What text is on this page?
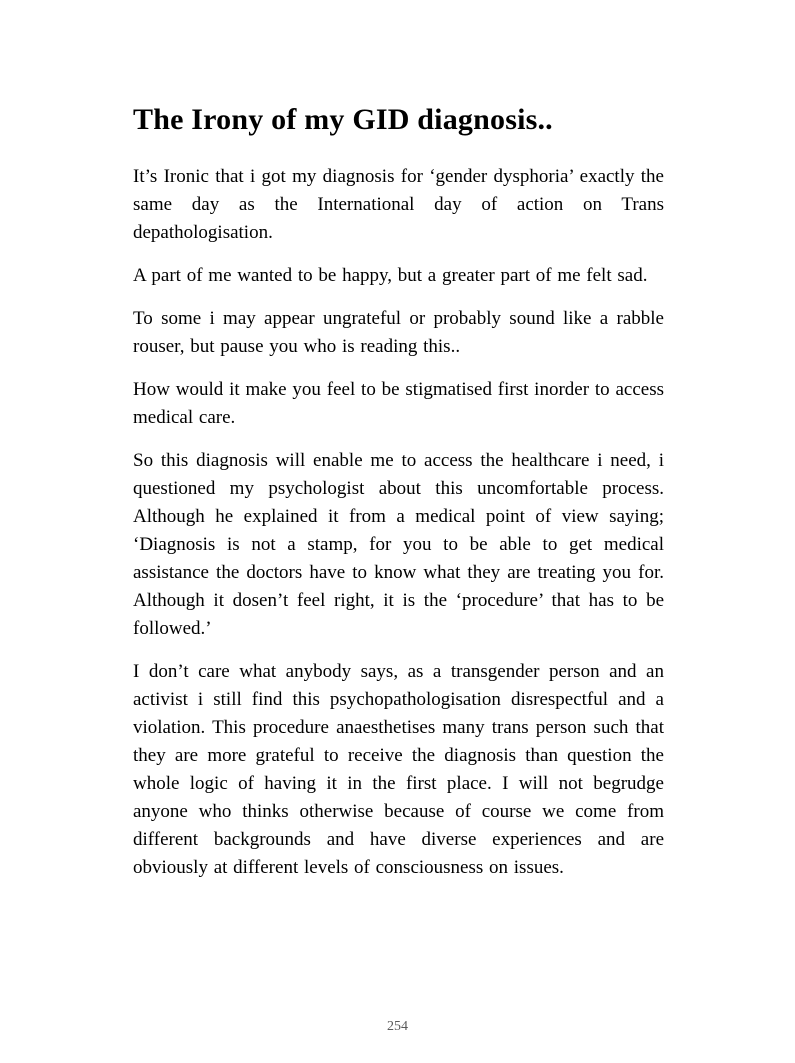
The Irony of my GID diagnosis..

It’s Ironic that i got my diagnosis for ‘gender dysphoria’ exactly the same day as the International day of action on Trans depathologisation.

A part of me wanted to be happy, but a greater part of me felt sad.

To some i may appear ungrateful or probably sound like a rabble rouser, but pause you who is reading this..

How would it make you feel to be stigmatised first inorder to access medical care.

So this diagnosis will enable me to access the healthcare i need, i questioned my psychologist about this uncomfortable process. Although he explained it from a medical point of view saying; ‘Diagnosis is not a stamp, for you to be able to get medical assistance the doctors have to know what they are treating you for. Although it dosen’t feel right, it is the ‘procedure’ that has to be followed.’

I don’t care what anybody says, as a transgender person and an activist i still find this psychopathologisation disrespectful and a violation. This procedure anaesthetises many trans person such that they are more grateful to receive the diagnosis than question the whole logic of having it in the first place. I will not begrudge anyone who thinks otherwise because of course we come from different backgrounds and have diverse experiences and are obviously at different levels of consciousness on issues.

254
